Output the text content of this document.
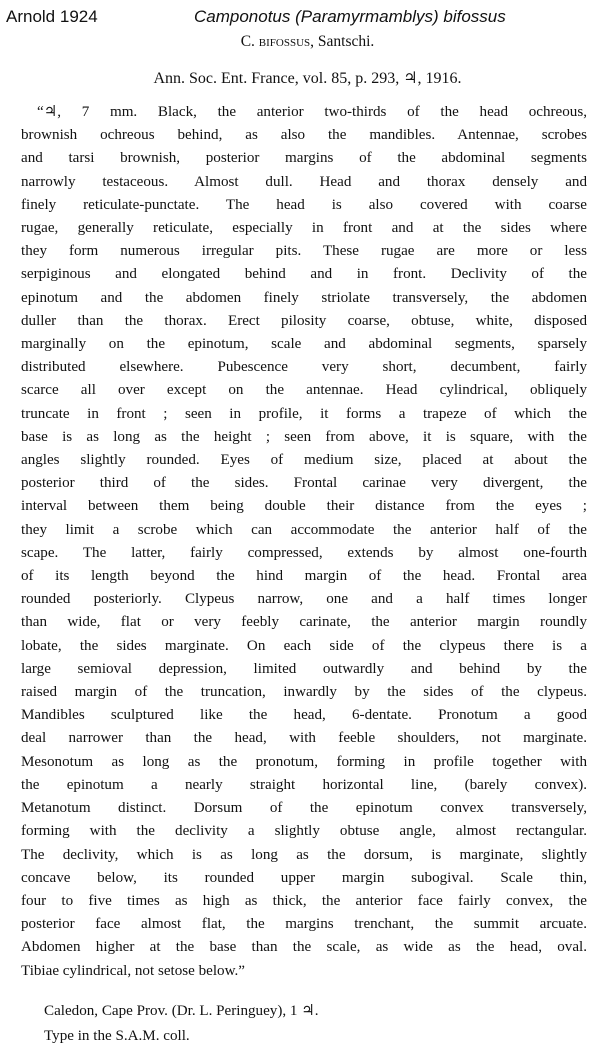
Arnold 1924	Camponotus (Paramyrmamblys) bifossus
C. bifossus, Santschi.
Ann. Soc. Ent. France, vol. 85, p. 293, ♃, 1916.
“♃, 7 mm. Black, the anterior two-thirds of the head ochreous,
brownish ochreous behind, as also the mandibles. Antennae, scrobes
and tarsi brownish, posterior margins of the abdominal segments
narrowly testaceous. Almost dull. Head and thorax densely and
finely reticulate-punctate. The head is also covered with coarse
rugae, generally reticulate, especially in front and at the sides where
they form numerous irregular pits. These rugae are more or less
serpiginous and elongated behind and in front. Declivity of the
epinotum and the abdomen finely striolate transversely, the abdomen
duller than the thorax. Erect pilosity coarse, obtuse, white, disposed
marginally on the epinotum, scale and abdominal segments, sparsely
distributed elsewhere. Pubescence very short, decumbent, fairly
scarce all over except on the antennae. Head cylindrical, obliquely
truncate in front ; seen in profile, it forms a trapeze of which the
base is as long as the height ; seen from above, it is square, with the
angles slightly rounded. Eyes of medium size, placed at about the
posterior third of the sides. Frontal carinae very divergent, the
interval between them being double their distance from the eyes ;
they limit a scrobe which can accommodate the anterior half of the
scape. The latter, fairly compressed, extends by almost one-fourth
of its length beyond the hind margin of the head. Frontal area
rounded posteriorly. Clypeus narrow, one and a half times longer
than wide, flat or very feebly carinate, the anterior margin roundly
lobate, the sides marginate. On each side of the clypeus there is a
large semioval depression, limited outwardly and behind by the
raised margin of the truncation, inwardly by the sides of the clypeus.
Mandibles sculptured like the head, 6-dentate. Pronotum a good
deal narrower than the head, with feeble shoulders, not marginate.
Mesonotum as long as the pronotum, forming in profile together with
the epinotum a nearly straight horizontal line, (barely convex).
Metanotum distinct. Dorsum of the epinotum convex transversely,
forming with the declivity a slightly obtuse angle, almost rectangular.
The declivity, which is as long as the dorsum, is marginate, slightly
concave below, its rounded upper margin subogival. Scale thin,
four to five times as high as thick, the anterior face fairly convex, the
posterior face almost flat, the margins trenchant, the summit arcuate.
Abdomen higher at the base than the scale, as wide as the head, oval.
Tibiae cylindrical, not setose below.”
Caledon, Cape Prov. (Dr. L. Peringuey), 1 ♃.
Type in the S.A.M. coll.
